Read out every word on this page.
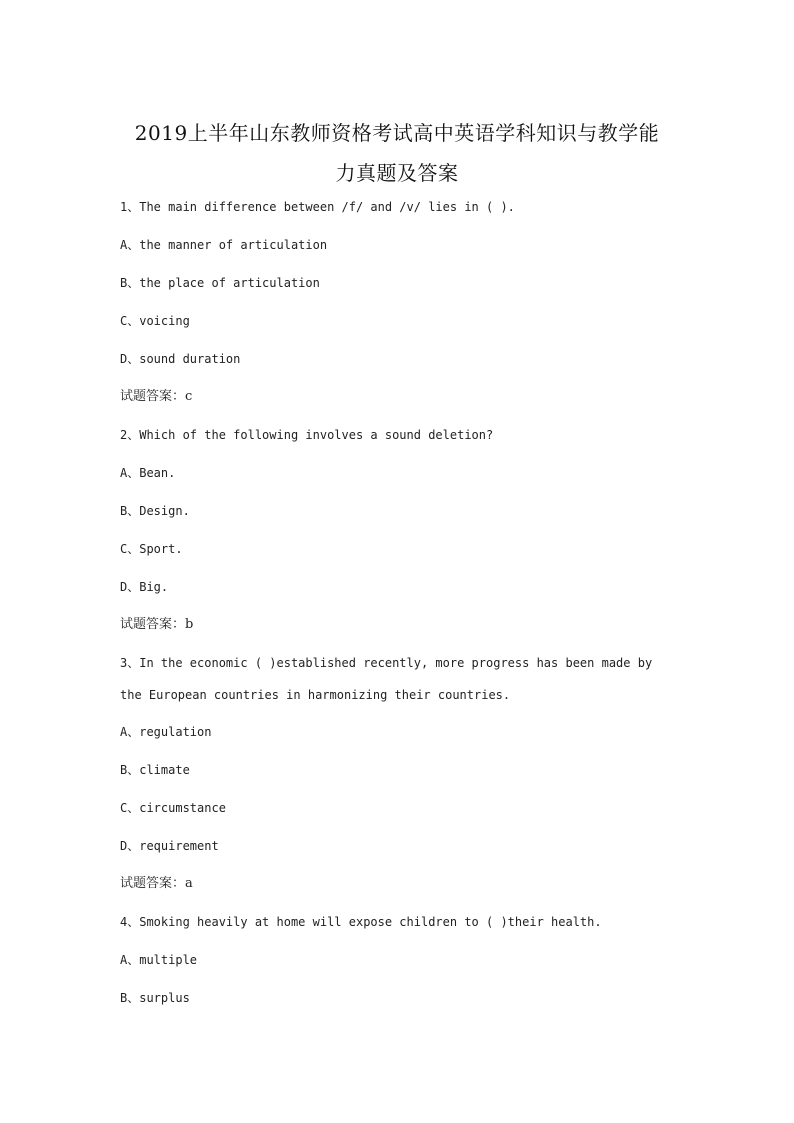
2019上半年山东教师资格考试高中英语学科知识与教学能
力真题及答案

1、The main difference between /f/ and /v/ lies in ( ).

A、the manner of articulation

B、the place of articulation

C、voicing

D、sound duration

试题答案：c

2、Which of the following involves a sound deletion?

A、Bean.

B、Design.

C、Sport.

D、Big.

试题答案：b

3、In the economic ( )established recently, more progress has been made by the European countries in harmonizing their countries.

A、regulation

B、climate

C、circumstance

D、requirement

试题答案：a

4、Smoking heavily at home will expose children to ( )their health.

A、multiple

B、surplus
